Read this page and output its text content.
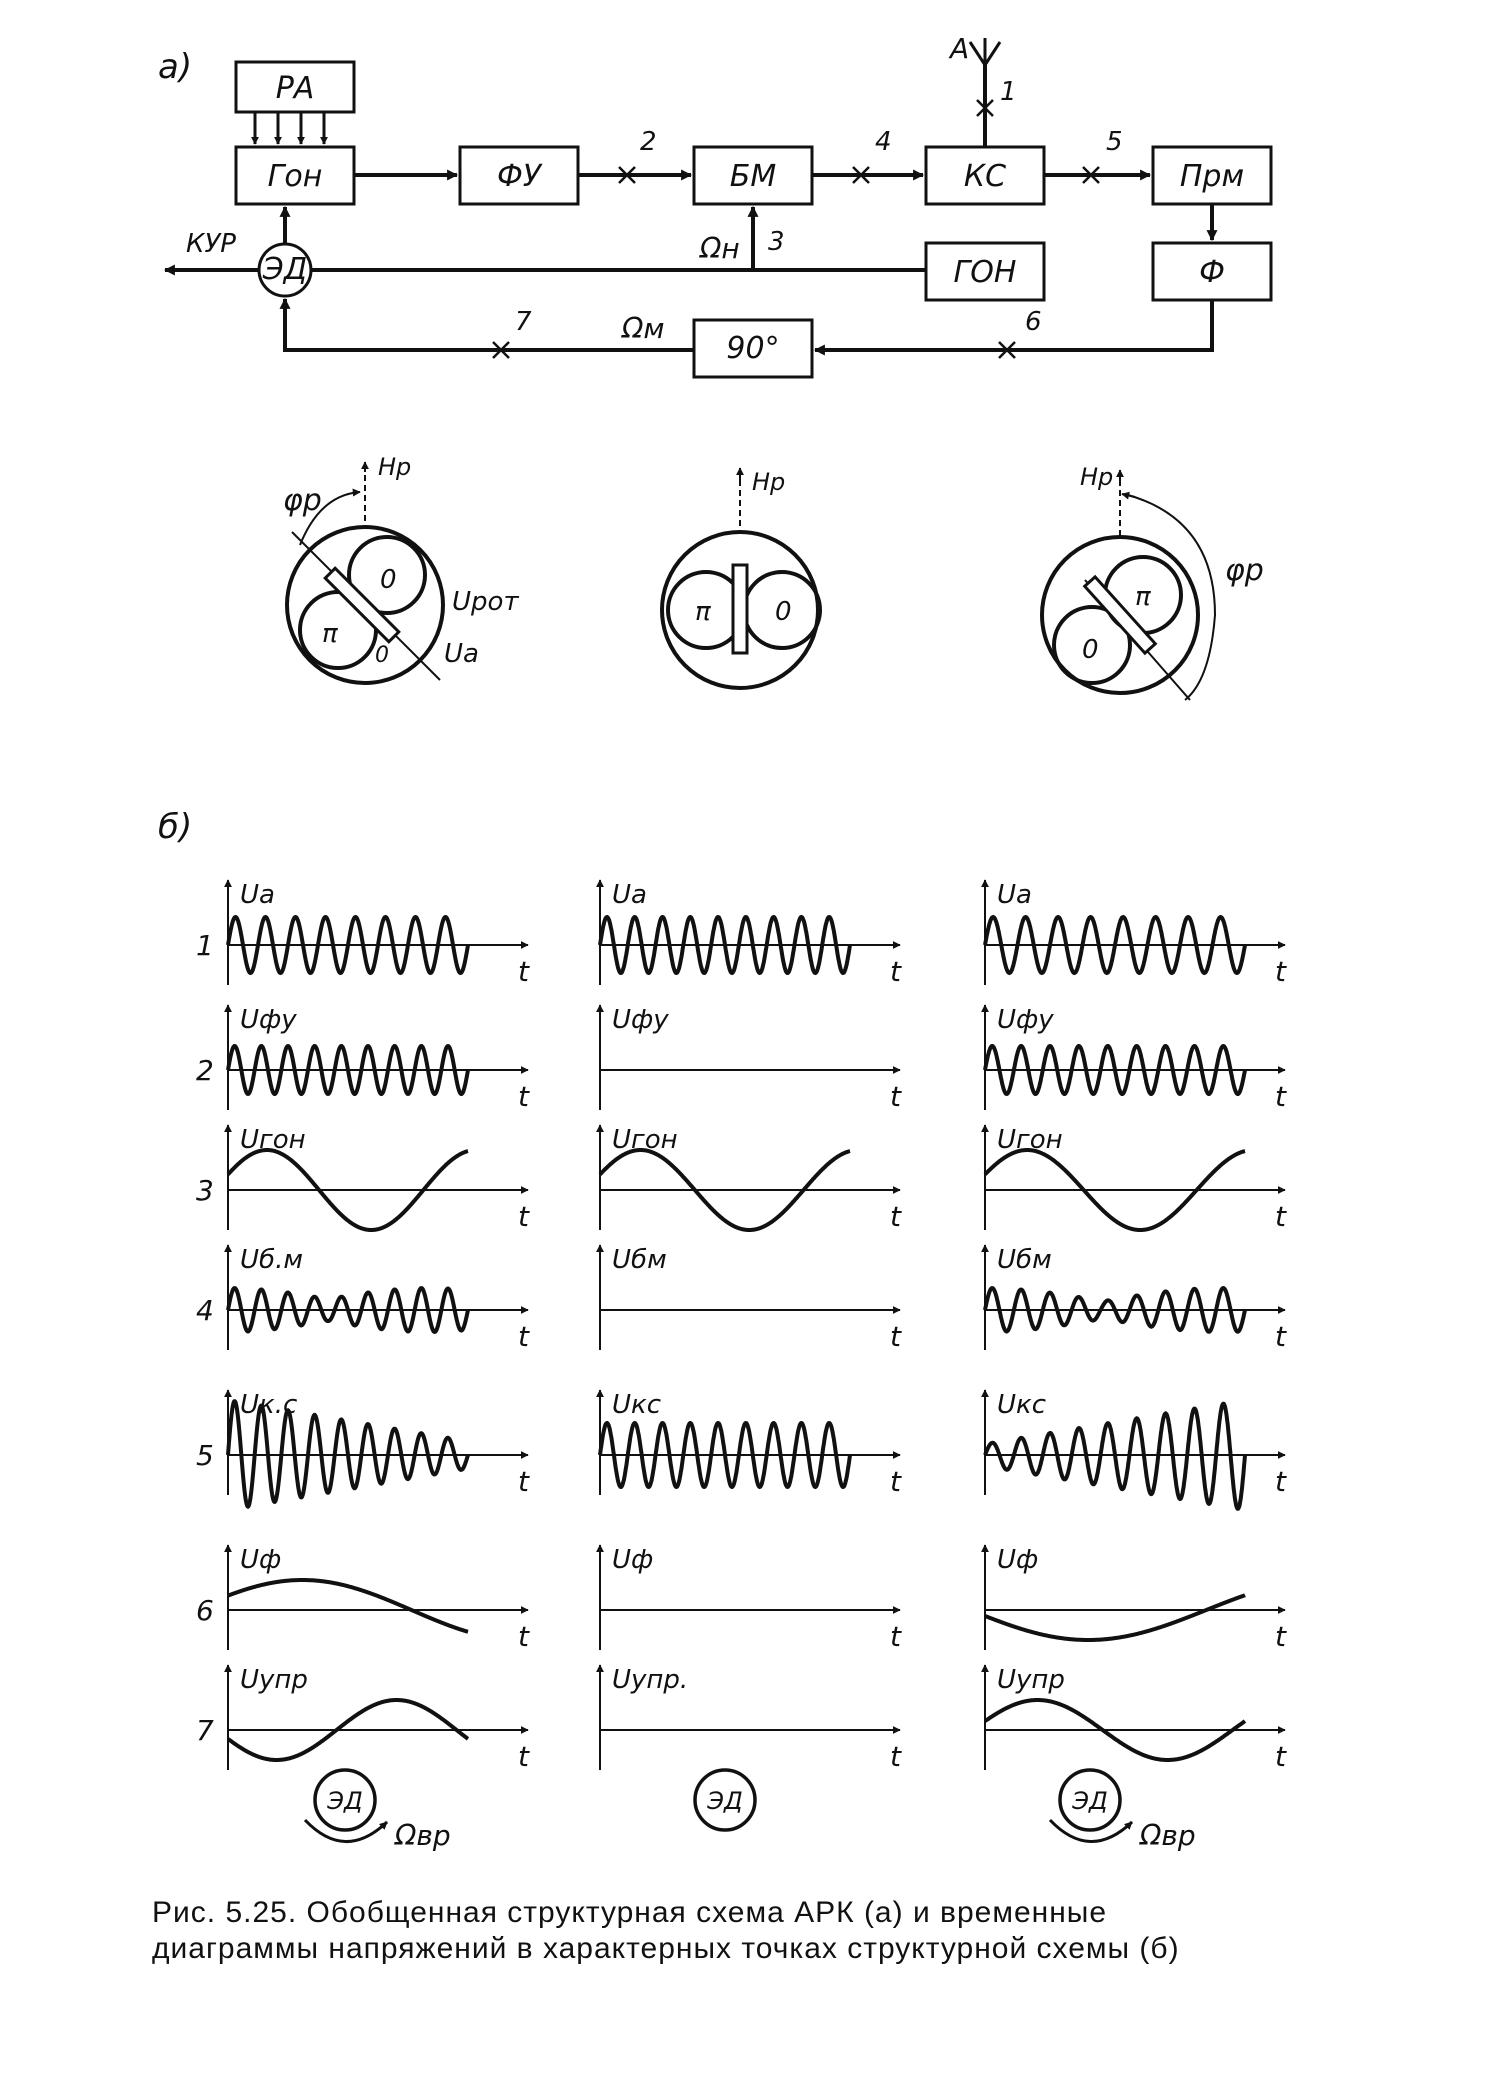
а)
РА
Гон	ФУ	БМ	КС	Прм
Ф
ГОН
90°
ЭД
А
КУР	Ωн
Ωм
1
2
3
4	5
6
7
Нр
φр
0
π
0
Uрот
Uа
Нр
π 0
Нр
φр
π
0
б)
1
Uа
t
Uа
t
Uа
t
2
Uфу
t
Uфу
t
Uфу
t
3
Uгон
t
Uгон
t
Uгон
t
4
Uб.м
t
Uбм
t
Uбм
t
5
Uк.с
t
Uкс
t
Uкс
t
6
Uф
t
Uф
t
Uф
t
7
Uупр
t
Uупр.
t
Uупр
t
ЭД
Ωвр
ЭД	ЭД
Ωвр
Рис. 5.25. Обобщенная структурная схема АРК (а) и временные
диаграммы напряжений в характерных точках структурной схемы (б)
